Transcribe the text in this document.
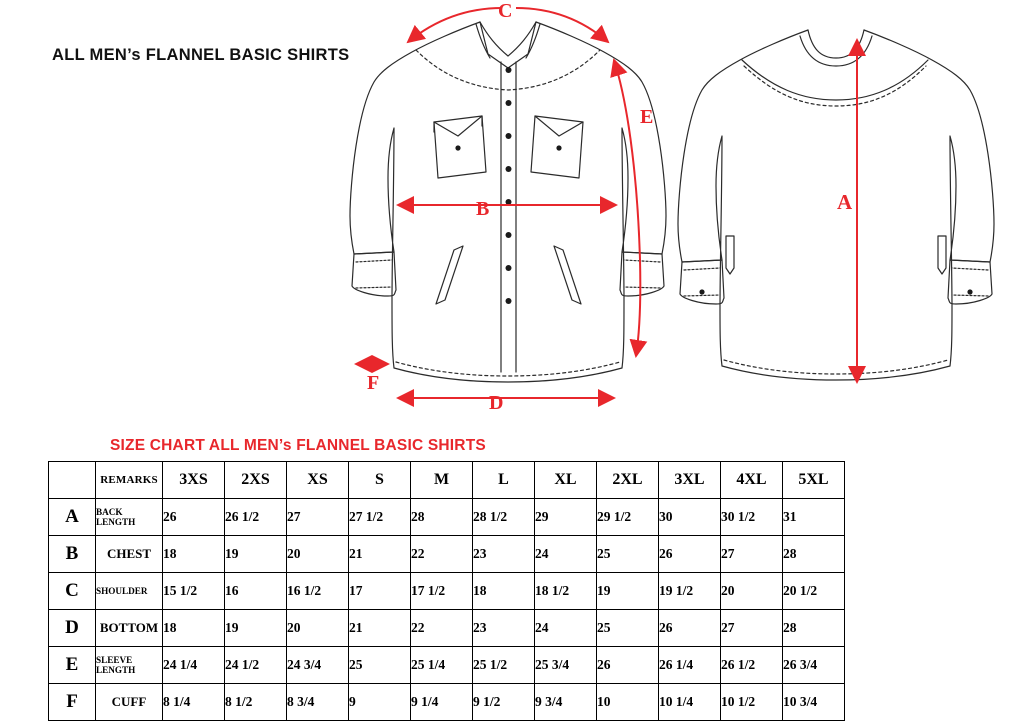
ALL MEN’s FLANNEL BASIC SHIRTS
C
E
B
F
D
A
SIZE CHART ALL MEN’s FLANNEL BASIC SHIRTS
	REMARKS	3XS	2XS	XS	S	M	L	XL	2XL	3XL	4XL	5XL
A	BACK LENGTH	26	26 1/2	27	27 1/2	28	28 1/2	29	29 1/2	30	30 1/2	31
B	CHEST	18	19	20	21	22	23	24	25	26	27	28
C	SHOULDER	15 1/2	16	16 1/2	17	17 1/2	18	18 1/2	19	19 1/2	20	20 1/2
D	BOTTOM	18	19	20	21	22	23	24	25	26	27	28
E	SLEEVE LENGTH	24 1/4	24 1/2	24 3/4	25	25 1/4	25 1/2	25 3/4	26	26 1/4	26 1/2	26 3/4
F	CUFF	8 1/4	8 1/2	8 3/4	9	9 1/4	9 1/2	9 3/4	10	10 1/4	10 1/2	10 3/4
